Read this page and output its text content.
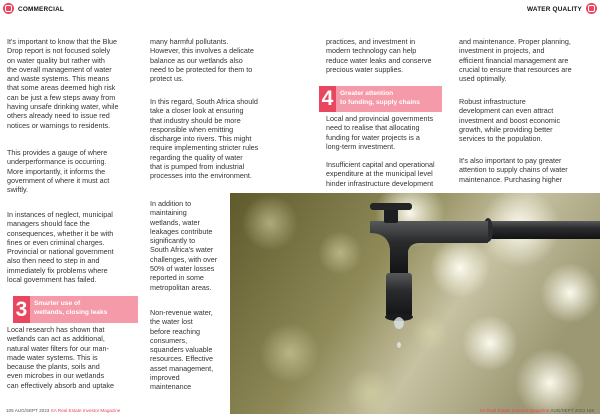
COMMERCIAL	WATER QUALITY

It's important to know that the Blue
Drop report is not focused solely
on water quality but rather with
the overall management of water
and waste systems. This means
that some areas deemed high risk
can be just a few steps away from
having unsafe drinking water, while
others already need to issue red
notices or warnings to residents.

This provides a gauge of where
underperformance is occurring.
More importantly, it informs the
government of where it must act
swiftly.

In instances of neglect, municipal
managers should face the
consequences, whether it be with
fines or even criminal charges.
Provincial or national government
also then need to step in and
immediately fix problems where
local government has failed.

3 Smarter use of
wetlands, closing leaks

Local research has shown that
wetlands can act as additional,
natural water filters for our man-
made water systems. This is
because the plants, soils and
even microbes in our wetlands
can effectively absorb and uptake

many harmful pollutants.
However, this involves a delicate
balance as our wetlands also
need to be protected for them to
protect us.

In this regard, South Africa should
take a closer look at ensuring
that industry should be more
responsible when emitting
discharge into rivers. This might
require implementing stricter rules
regarding the quality of water
that is pumped from industrial
processes into the environment.

In addition to
maintaining
wetlands, water
leakages contribute
significantly to
South Africa's water
challenges, with over
50% of water losses
reported in some
metropolitan areas.

Non-revenue water,
the water lost
before reaching
consumers,
squanders valuable
resources. Effective
asset management,
improved
maintenance

practices, and investment in
modern technology can help
reduce water leaks and conserve
precious water supplies.

4 Greater attention
to funding, supply chains

Local and provincial governments
need to realise that allocating
funding for water projects is a
long-term investment.

Insufficient capital and operational
expenditure at the municipal level
hinder infrastructure development

and maintenance. Proper planning,
investment in projects, and
efficient financial management are
crucial to ensure that resources are
used optimally.

Robust infrastructure
development can even attract
investment and boost economic
growth, while providing better
services to the population.

It's also important to pay greater
attention to supply chains of water
maintenance. Purchasing higher

105 AUG/SEPT 2023 SA Real Estate Investor Magazine	SA Real Estate Investor Magazine AUG/SEPT 2023 106
